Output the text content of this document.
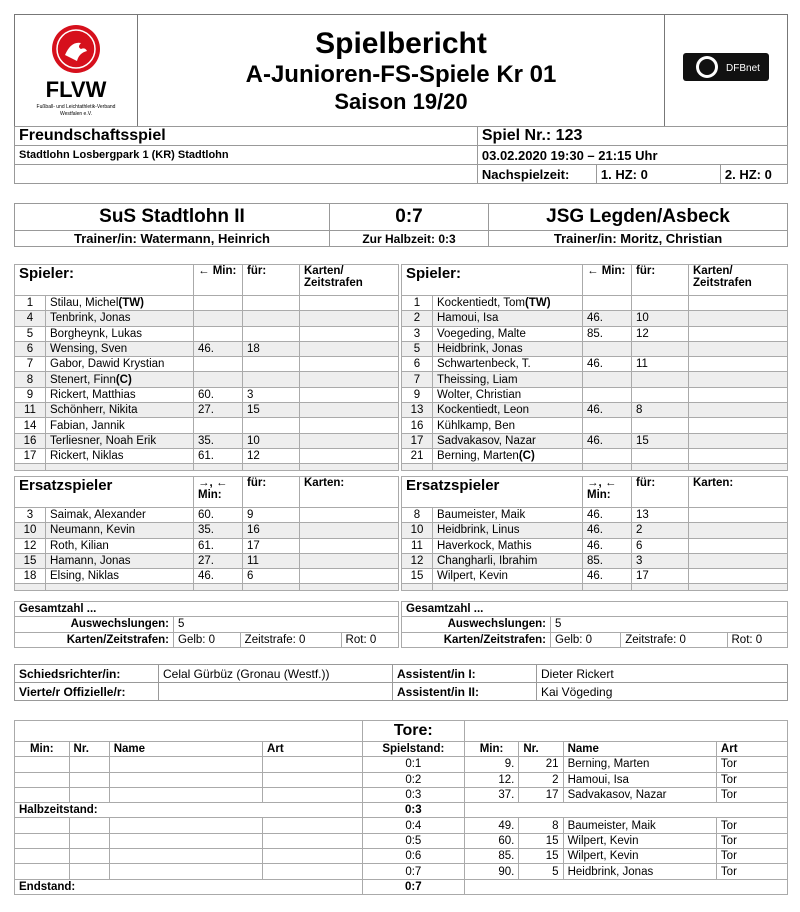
FLVW
Fußball- und Leichtathletik-Verband
Westfalen e.V.
Spielbericht
A-Junioren-FS-Spiele Kr 01
Saison 19/20
DFBnet
Freundschaftsspiel	Spiel Nr.: 123		
Stadtlohn Losbergpark 1 (KR) Stadtlohn	03.02.2020 19:30 – 21:15 Uhr		
	Nachspielzeit:	1. HZ: 0	2. HZ: 0
SuS Stadtlohn II	0:7	JSG Legden/Asbeck
Trainer/in: Watermann, Heinrich	Zur Halbzeit: 0:3	Trainer/in: Moritz, Christian
Spieler:		← Min:	für:	Karten/ Zeitstrafen
1	Stilau, Michel(TW)			
4	Tenbrink, Jonas			
5	Borgheynk, Lukas			
6	Wensing, Sven	46.	18	
7	Gabor, Dawid Krystian			
8	Stenert, Finn(C)			
9	Rickert, Matthias	60.	3	
11	Schönherr, Nikita	27.	15	
14	Fabian, Jannik			
16	Terliesner, Noah Erik	35.	10	
17	Rickert, Niklas	61.	12	

Spieler:		← Min:	für:	Karten/ Zeitstrafen
1	Kockentiedt, Tom(TW)			
2	Hamoui, Isa	46.	10	
3	Voegeding, Malte	85.	12	
5	Heidbrink, Jonas			
6	Schwartenbeck, T.	46.	11	
7	Theissing, Liam			
9	Wolter, Christian			
13	Kockentiedt, Leon	46.	8	
16	Kühlkamp, Ben			
17	Sadvakasov, Nazar	46.	15	
21	Berning, Marten(C)			

Ersatzspieler		→, ← Min:	für:	Karten:
3	Saimak, Alexander	60.	9	
10	Neumann, Kevin	35.	16	
12	Roth, Kilian	61.	17	
15	Hamann, Jonas	27.	11	
18	Elsing, Niklas	46.	6	

Ersatzspieler		→, ← Min:	für:	Karten:
8	Baumeister, Maik	46.	13	
10	Heidbrink, Linus	46.	2	
11	Haverkock, Mathis	46.	6	
12	Changharli, Ibrahim	85.	3	
15	Wilpert, Kevin	46.	17	

Gesamtzahl ...			
Auswechslungen:	5		
Karten/Zeitstrafen:	Gelb: 0	Zeitstrafe: 0	Rot: 0
Gesamtzahl ...			
Auswechslungen:	5		
Karten/Zeitstrafen:	Gelb: 0	Zeitstrafe: 0	Rot: 0
Schiedsrichter/in:	Celal Gürbüz (Gronau (Westf.))	Assistent/in I:	Dieter Rickert
Vierte/r Offizielle/r:		Assistent/in II:	Kai Vögeding
				Tore:				
Min:	Nr.	Name	Art	Spielstand:	Min:	Nr.	Name	Art
				0:1	9.	21	Berning, Marten	Tor
				0:2	12.	2	Hamoui, Isa	Tor
				0:3	37.	17	Sadvakasov, Nazar	Tor
Halbzeitstand:				0:3				
				0:4	49.	8	Baumeister, Maik	Tor
				0:5	60.	15	Wilpert, Kevin	Tor
				0:6	85.	15	Wilpert, Kevin	Tor
				0:7	90.	5	Heidbrink, Jonas	Tor
Endstand:				0:7				
